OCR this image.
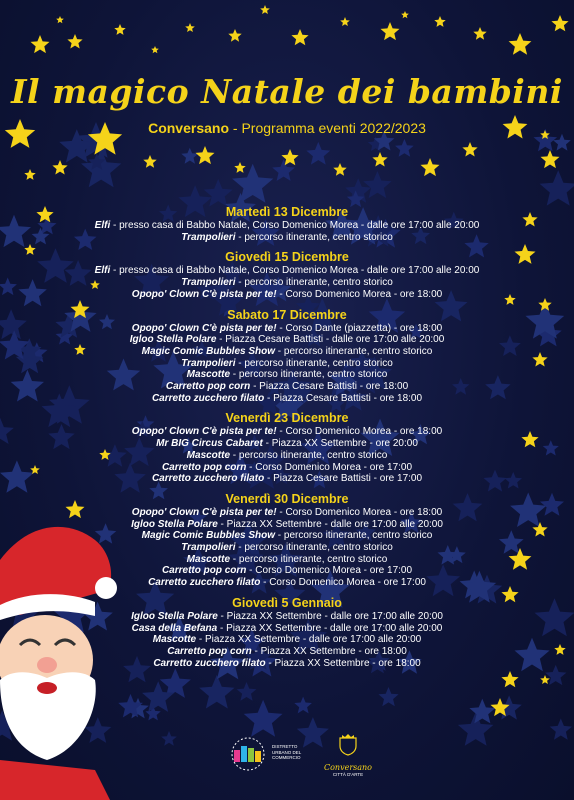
Il magico Natale dei bambini
Conversano - Programma eventi 2022/2023
Martedì 13 Dicembre
Elfi - presso casa di Babbo Natale, Corso Domenico Morea - dalle ore 17:00 alle 20:00
Trampolieri - percorso itinerante, centro storico
Giovedì 15 Dicembre
Elfi - presso casa di Babbo Natale, Corso Domenico Morea - dalle ore 17:00 alle 20:00
Trampolieri - percorso itinerante, centro storico
Opopo' Clown C'è pista per te! - Corso Domenico Morea - ore 18:00
Sabato 17 Dicembre
Opopo' Clown C'è pista per te! - Corso Dante (piazzetta) - ore 18:00
Igloo Stella Polare - Piazza Cesare Battisti - dalle ore 17:00 alle 20:00
Magic Comic Bubbles Show - percorso itinerante, centro storico
Trampolieri - percorso itinerante, centro storico
Mascotte - percorso itinerante, centro storico
Carretto pop corn - Piazza Cesare Battisti - ore 18:00
Carretto zucchero filato - Piazza Cesare Battisti - ore 18:00
Venerdì 23 Dicembre
Opopo' Clown C'è pista per te! - Corso Domenico Morea - ore 18:00
Mr BIG Circus Cabaret - Piazza XX Settembre - ore 20:00
Mascotte - percorso itinerante, centro storico
Carretto pop corn - Corso Domenico Morea - ore 17:00
Carretto zucchero filato - Piazza Cesare Battisti - ore 17:00
Venerdì 30 Dicembre
Opopo' Clown C'è pista per te! - Corso Domenico Morea - ore 18:00
Igloo Stella Polare - Piazza XX Settembre - dalle ore 17:00 alle 20:00
Magic Comic Bubbles Show - percorso itinerante, centro storico
Trampolieri - percorso itinerante, centro storico
Mascotte - percorso itinerante, centro storico
Carretto pop corn - Corso Domenico Morea - ore 17:00
Carretto zucchero filato - Corso Domenico Morea - ore 17:00
Giovedì 5 Gennaio
Igloo Stella Polare - Piazza XX Settembre - dalle ore 17:00 alle 20:00
Casa della Befana - Piazza XX Settembre - dalle ore 17:00 alle 20:00
Mascotte - Piazza XX Settembre - dalle ore 17:00 alle 20:00
Carretto pop corn - Piazza XX Settembre - ore 18:00
Carretto zucchero filato - Piazza XX Settembre - ore 18:00
DISTRETTO
URBANO DEL
COMMERCIO
Conversano
CITTÀ D'ARTE
